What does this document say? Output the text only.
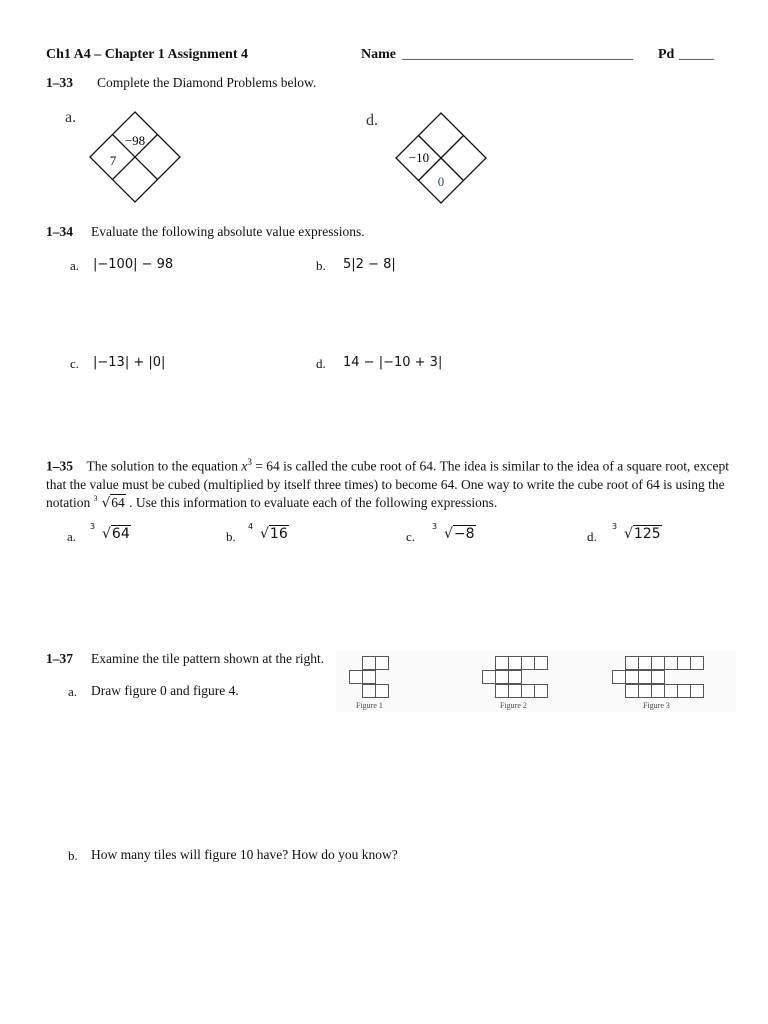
Ch1 A4 – Chapter 1 Assignment 4	Name _________________________________ Pd _____
1–33 Complete the Diamond Problems below.
a.
−98
7
d.
−10
0
1–34 Evaluate the following absolute value expressions.
a. |−100| − 98	b. 5|2 − 8|
c. |−13| + |0|	d. 14 − |−10 + 3|
1–35 The solution to the equation $x^3 = 64$ is called the cube root of 64. The idea is similar to the idea of a square root, except that the value must be cubed (multiplied by itself three times) to become 64. One way to write the cube root of 64 is using the notation 3 √64 . Use this information to evaluate each of the following expressions.
a.
3 √64	b.
4 √16	c.
3 √−8	d.
3 √125
1–37 Examine the tile pattern shown at the right.
a. Draw figure 0 and figure 4.
b. How many tiles will figure 10 have? How do you know?
Figure 1	Figure 2	Figure 3
